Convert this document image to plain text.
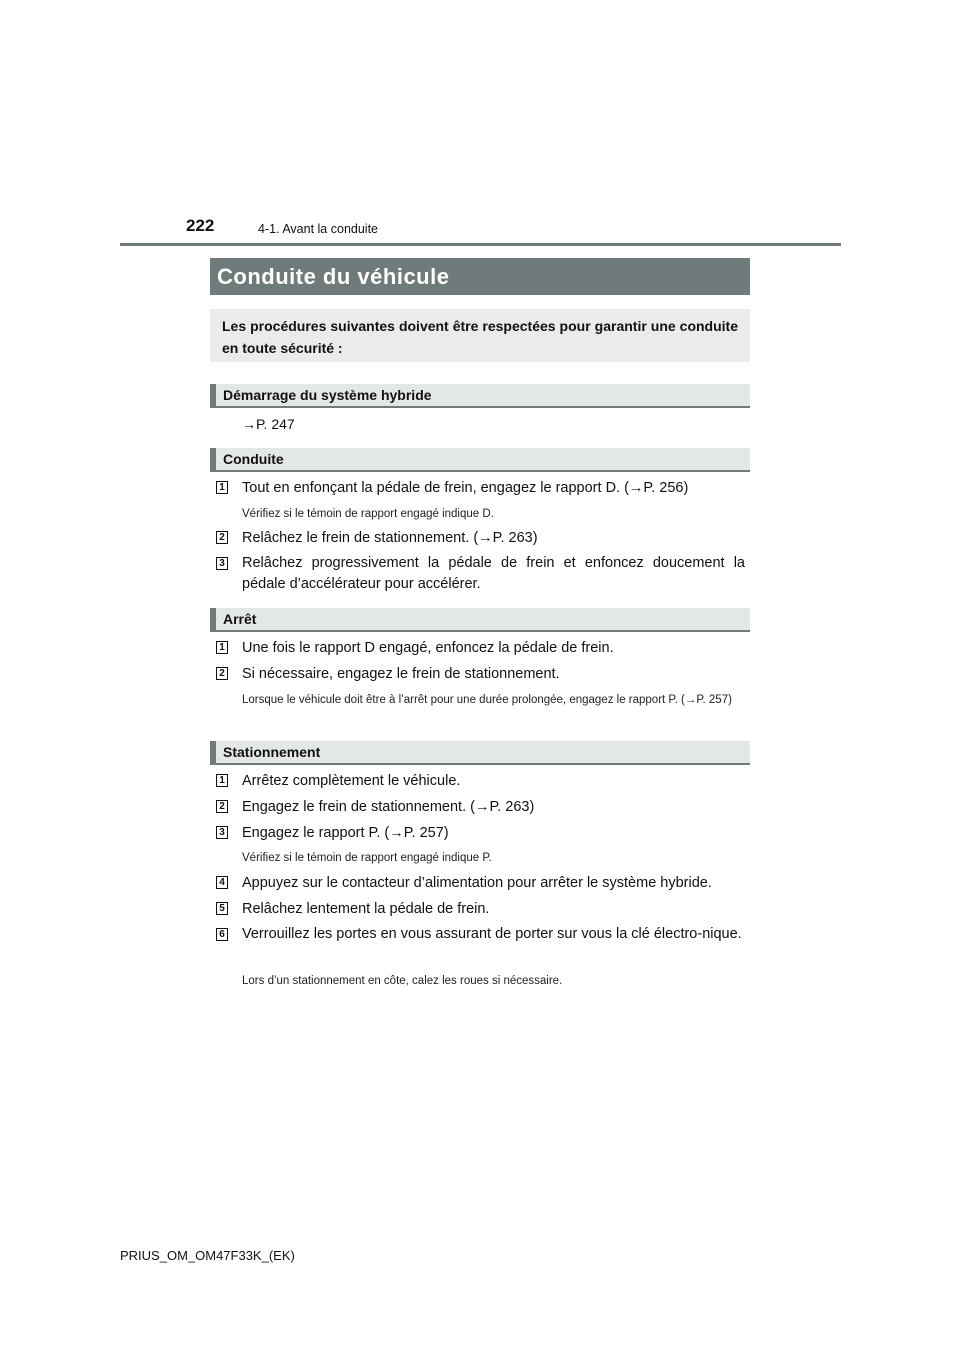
222	4-1. Avant la conduite
Conduite du véhicule
Les procédures suivantes doivent être respectées pour garantir une conduite en toute sécurité :
Démarrage du système hybride
→P. 247
Conduite
1 Tout en enfonçant la pédale de frein, engagez le rapport D. (→P. 256)
Vérifiez si le témoin de rapport engagé indique D.
2 Relâchez le frein de stationnement. (→P. 263)
3 Relâchez progressivement la pédale de frein et enfoncez doucement la pédale d’accélérateur pour accélérer.
Arrêt
1 Une fois le rapport D engagé, enfoncez la pédale de frein.
2 Si nécessaire, engagez le frein de stationnement.
Lorsque le véhicule doit être à l’arrêt pour une durée prolongée, engagez le rapport P. (→P. 257)
Stationnement
1 Arrêtez complètement le véhicule.
2 Engagez le frein de stationnement. (→P. 263)
3 Engagez le rapport P. (→P. 257)
Vérifiez si le témoin de rapport engagé indique P.
4 Appuyez sur le contacteur d’alimentation pour arrêter le système hybride.
5 Relâchez lentement la pédale de frein.
6 Verrouillez les portes en vous assurant de porter sur vous la clé électro-nique.
Lors d’un stationnement en côte, calez les roues si nécessaire.
PRIUS_OM_OM47F33K_(EK)
